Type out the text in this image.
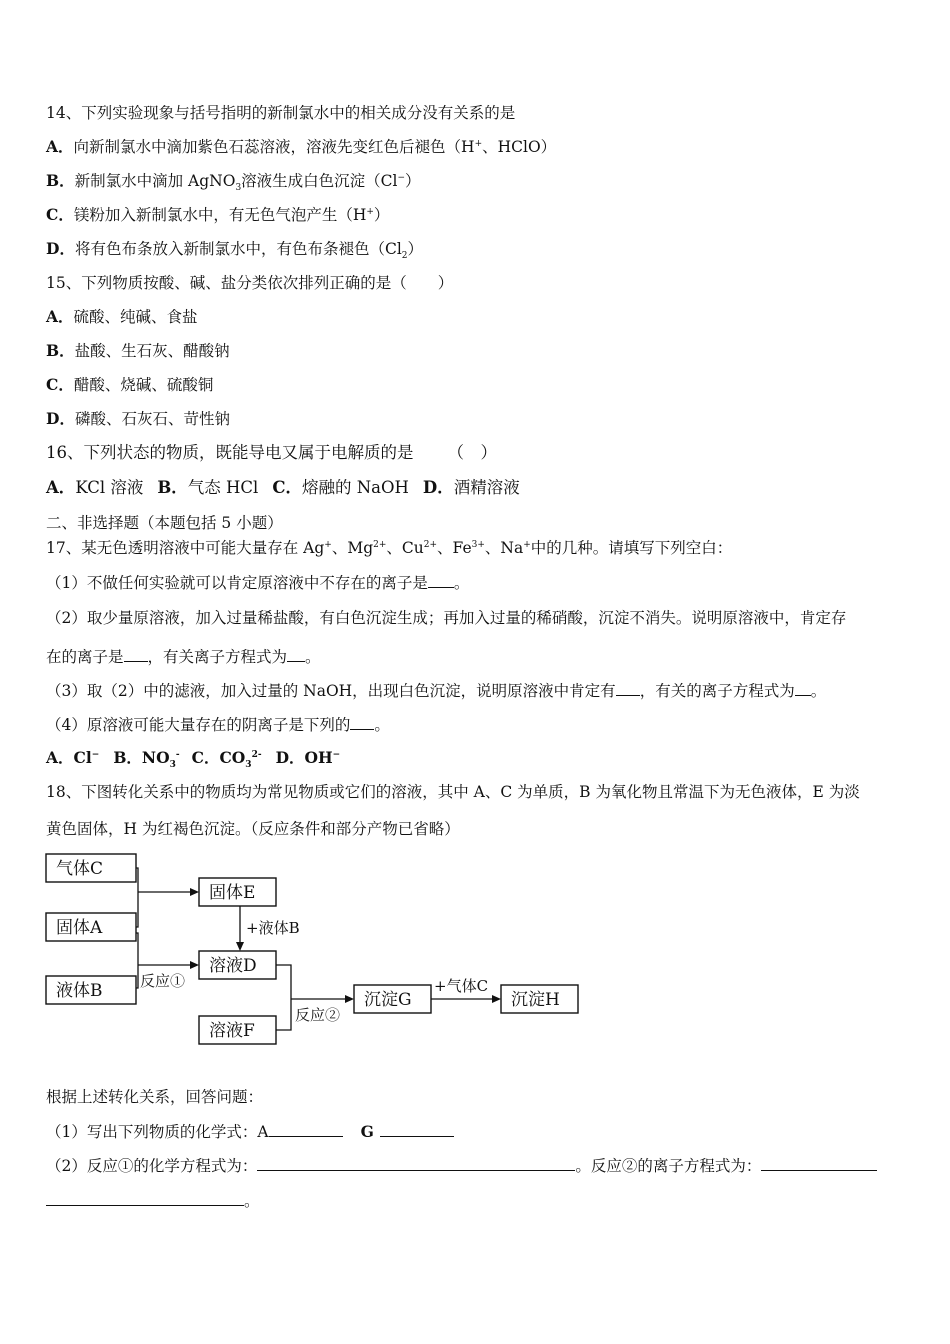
14、下列实验现象与括号指明的新制氯水中的相关成分没有关系的是
A．向新制氯水中滴加紫色石蕊溶液，溶液先变红色后褪色（H+、HClO）
B．新制氯水中滴加 AgNO$_3$溶液生成白色沉淀（Cl−）
C．镁粉加入新制氯水中，有无色气泡产生（H+）
D．将有色布条放入新制氯水中，有色布条褪色$(Cl_2)$
15、下列物质按酸、碱、盐分类依次排列正确的是（　　）
A．硫酸、纯碱、食盐
B．盐酸、生石灰、醋酸钠
C．醋酸、烧碱、硫酸铜
D．磷酸、石灰石、苛性钠
16、下列状态的物质，既能导电又属于电解质的是 （　）
A．KCl 溶液 B．气态 HCl C．熔融的 NaOH D．酒精溶液
二、非选择题（本题包括 5 小题）
17、某无色透明溶液中可能大量存在 Ag+、$Mg^{2+}$、$Cu^{2+}$、$Fe^{3+}$、Na+中的几种。请填写下列空白：
（1）不做任何实验就可以肯定原溶液中不存在的离子是 。
（2）取少量原溶液，加入过量稀盐酸，有白色沉淀生成；再加入过量的稀硝酸，沉淀不消失。说明原溶液中，肯定存
在的离子是 ，有关离子方程式为 。
（3）取（2）中的滤液，加入过量的 NaOH，出现白色沉淀，说明原溶液中肯定有 ，有关的离子方程式为 。
（4）原溶液可能大量存在的阴离子是下列的 。
A．Cl− B．$NO_3^-$ C．$CO_3^{2-}$ D．OH−
18、下图转化关系中的物质均为常见物质或它们的溶液，其中 A、C 为单质，B 为氧化物且常温下为无色液体，E 为淡
黄色固体，H 为红褐色沉淀。（反应条件和部分产物已省略）
气体C
固体A
液体B
固体E
溶液D
溶液F
沉淀G	沉淀H
+液体B
反应①
反应②
+气体C
根据上述转化关系，回答问题：
（1）写出下列物质的化学式：A	G
（2）反应①的化学方程式为：	。反应②的离子方程式为：
。
